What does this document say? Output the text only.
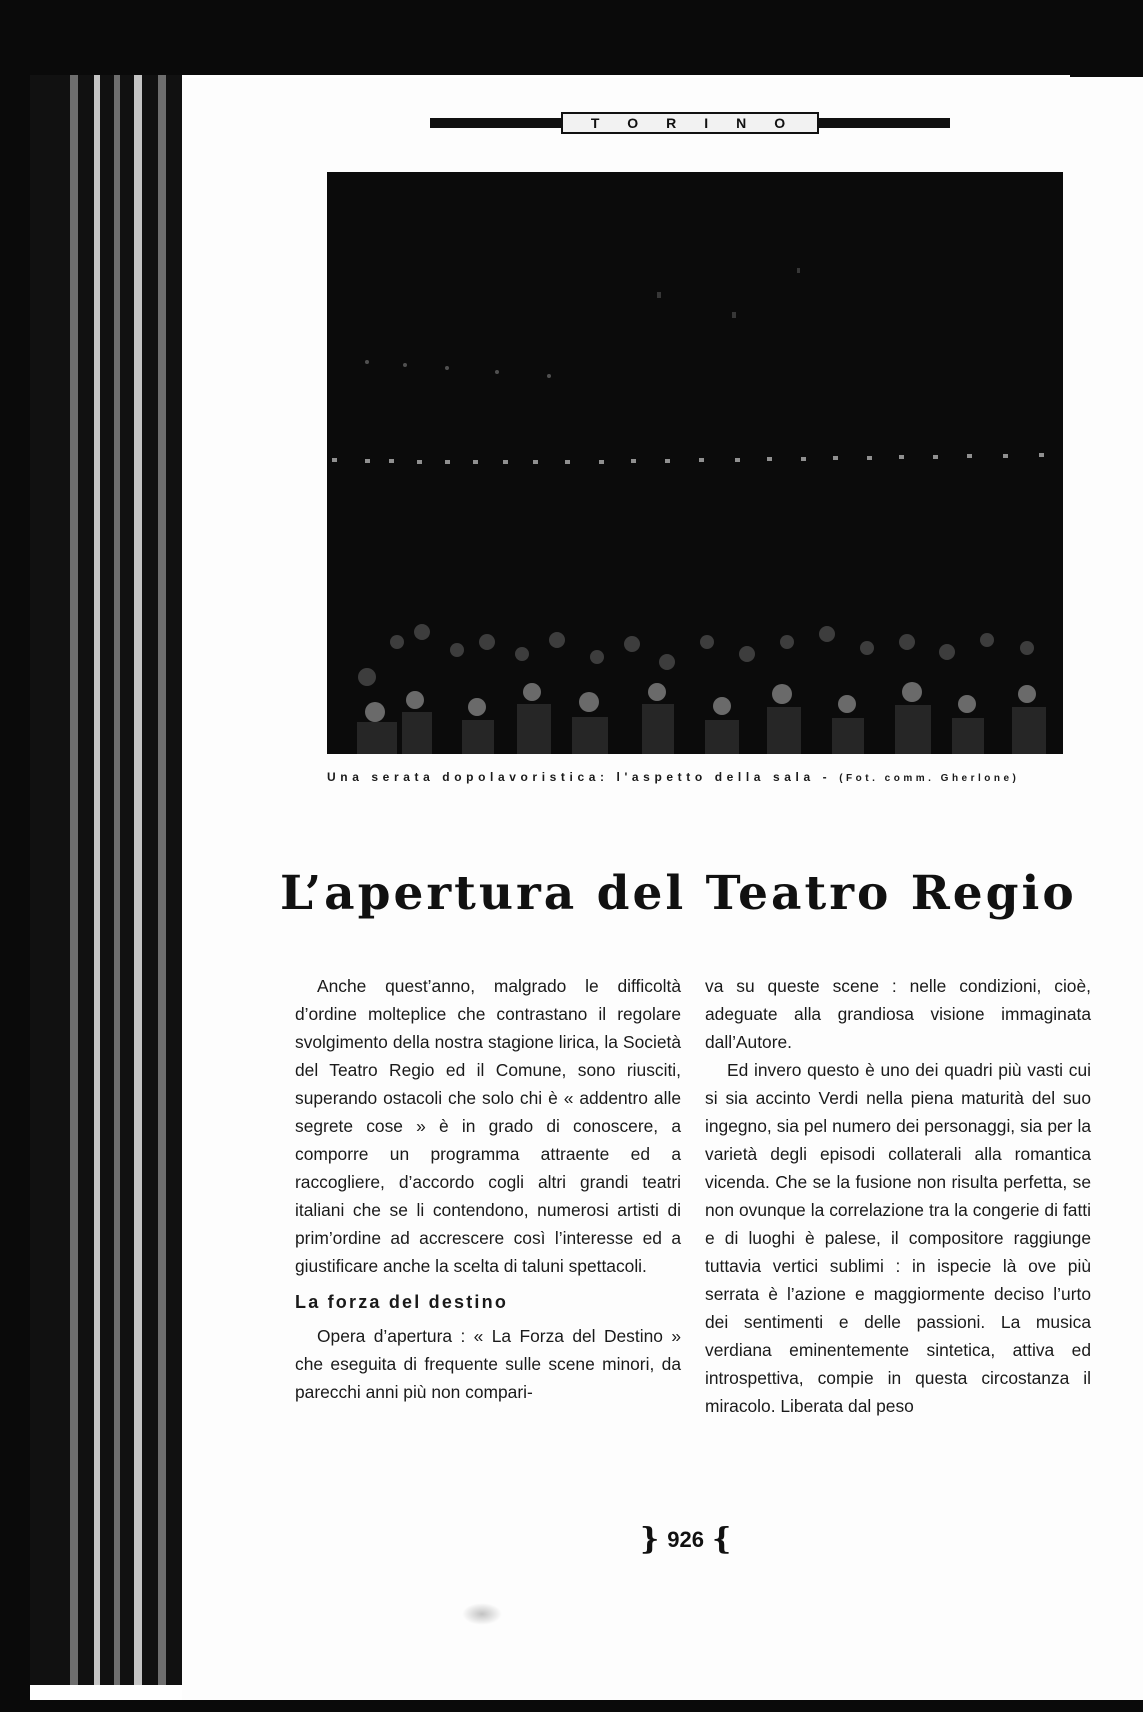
TORINO
Una serata dopolavoristica: l'aspetto della sala - (Fot. comm. Gherlone)
L’apertura del Teatro Regio

Anche quest’anno, malgrado le difficoltà d’ordine molteplice che contrastano il regolare svolgimento della nostra stagione lirica, la Società del Teatro Regio ed il Comune, sono riusciti, superando ostacoli che solo chi è « addentro alle segrete cose » è in grado di conoscere, a comporre un programma attraente ed a raccogliere, d’accordo cogli altri grandi teatri italiani che se li contendono, numerosi artisti di prim’ordine ad accrescere così l’interesse ed a giustificare anche la scelta di taluni spettacoli.

La forza del destino

Opera d’apertura : « La Forza del Destino » che eseguita di frequente sulle scene minori, da parecchi anni più non compari-

va su queste scene : nelle condizioni, cioè, adeguate alla grandiosa visione immaginata dall’Autore.

Ed invero questo è uno dei quadri più vasti cui si sia accinto Verdi nella piena maturità del suo ingegno, sia pel numero dei personaggi, sia per la varietà degli episodi collaterali alla romantica vicenda. Che se la fusione non risulta perfetta, se non ovunque la correlazione tra la congerie di fatti e di luoghi è palese, il compositore raggiunge tuttavia vertici sublimi : in ispecie là ove più serrata è l’azione e maggiormente deciso l’urto dei sentimenti e delle passioni. La musica verdiana eminentemente sintetica, attiva ed introspettiva, compie in questa circostanza il miracolo. Liberata dal peso

} 926 {
